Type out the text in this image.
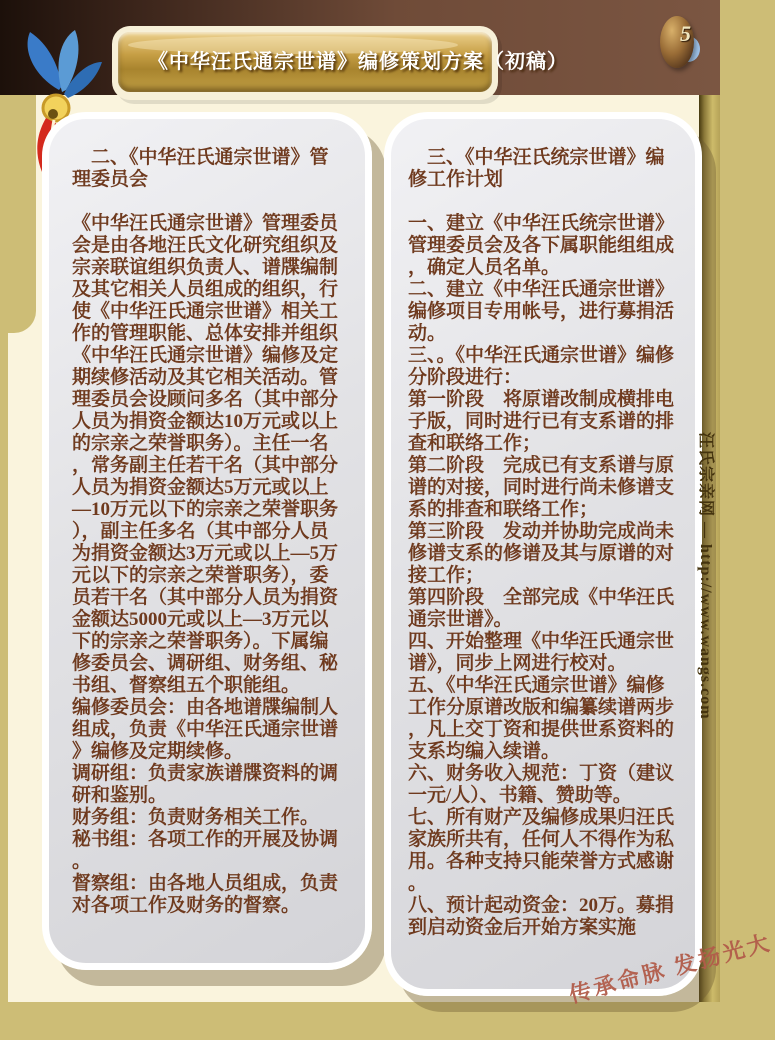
《中华汪氏通宗世谱》编修策划方案（初稿）
5
　二、《中华汪氏通宗世谱》管理委员会

《中华汪氏通宗世谱》管理委员会是由各地汪氏文化研究组织及宗亲联谊组织负责人、谱牒编制及其它相关人员组成的组织，行使《中华汪氏通宗世谱》相关工作的管理职能、总体安排并组织《中华汪氏通宗世谱》编修及定期续修活动及其它相关活动。管理委员会设顾问多名（其中部分人员为捐资金额达10万元或以上的宗亲之荣誉职务）。主任一名，常务副主任若干名（其中部分人员为捐资金额达5万元或以上—10万元以下的宗亲之荣誉职务），副主任多名（其中部分人员为捐资金额达3万元或以上—5万元以下的宗亲之荣誉职务），委员若干名（其中部分人员为捐资金额达5000元或以上—3万元以下的宗亲之荣誉职务）。下属编修委员会、调研组、财务组、秘书组、督察组五个职能组。

编修委员会：由各地谱牒编制人组成，负责《中华汪氏通宗世谱》编修及定期续修。

调研组：负责家族谱牒资料的调研和鉴别。

财务组：负责财务相关工作。

秘书组：各项工作的开展及协调。

督察组：由各地人员组成，负责对各项工作及财务的督察。

　三、《中华汪氏统宗世谱》编修工作计划

一、建立《中华汪氏统宗世谱》管理委员会及各下属职能组组成，确定人员名单。

二、建立《中华汪氏通宗世谱》编修项目专用帐号，进行募捐活动。

三、。《中华汪氏通宗世谱》编修分阶段进行：

第一阶段　将原谱改制成横排电子版，同时进行已有支系谱的排查和联络工作；

第二阶段　完成已有支系谱与原谱的对接，同时进行尚未修谱支系的排查和联络工作；

第三阶段　发动并协助完成尚未修谱支系的修谱及其与原谱的对接工作；

第四阶段　全部完成《中华汪氏通宗世谱》。

四、开始整理《中华汪氏通宗世谱》，同步上网进行校对。

五、《中华汪氏通宗世谱》编修工作分原谱改版和编纂续谱两步，凡上交丁资和提供世系资料的支系均编入续谱。

六、财务收入规范：丁资（建议一元/人）、书籍、赞助等。

七、所有财产及编修成果归汪氏家族所共有，任何人不得作为私用。各种支持只能荣誉方式感谢。

八、预计起动资金：20万。募捐到启动资金后开始方案实施

汪氏宗亲网 — http://www.wangs.com
传承命脉 发扬光大
